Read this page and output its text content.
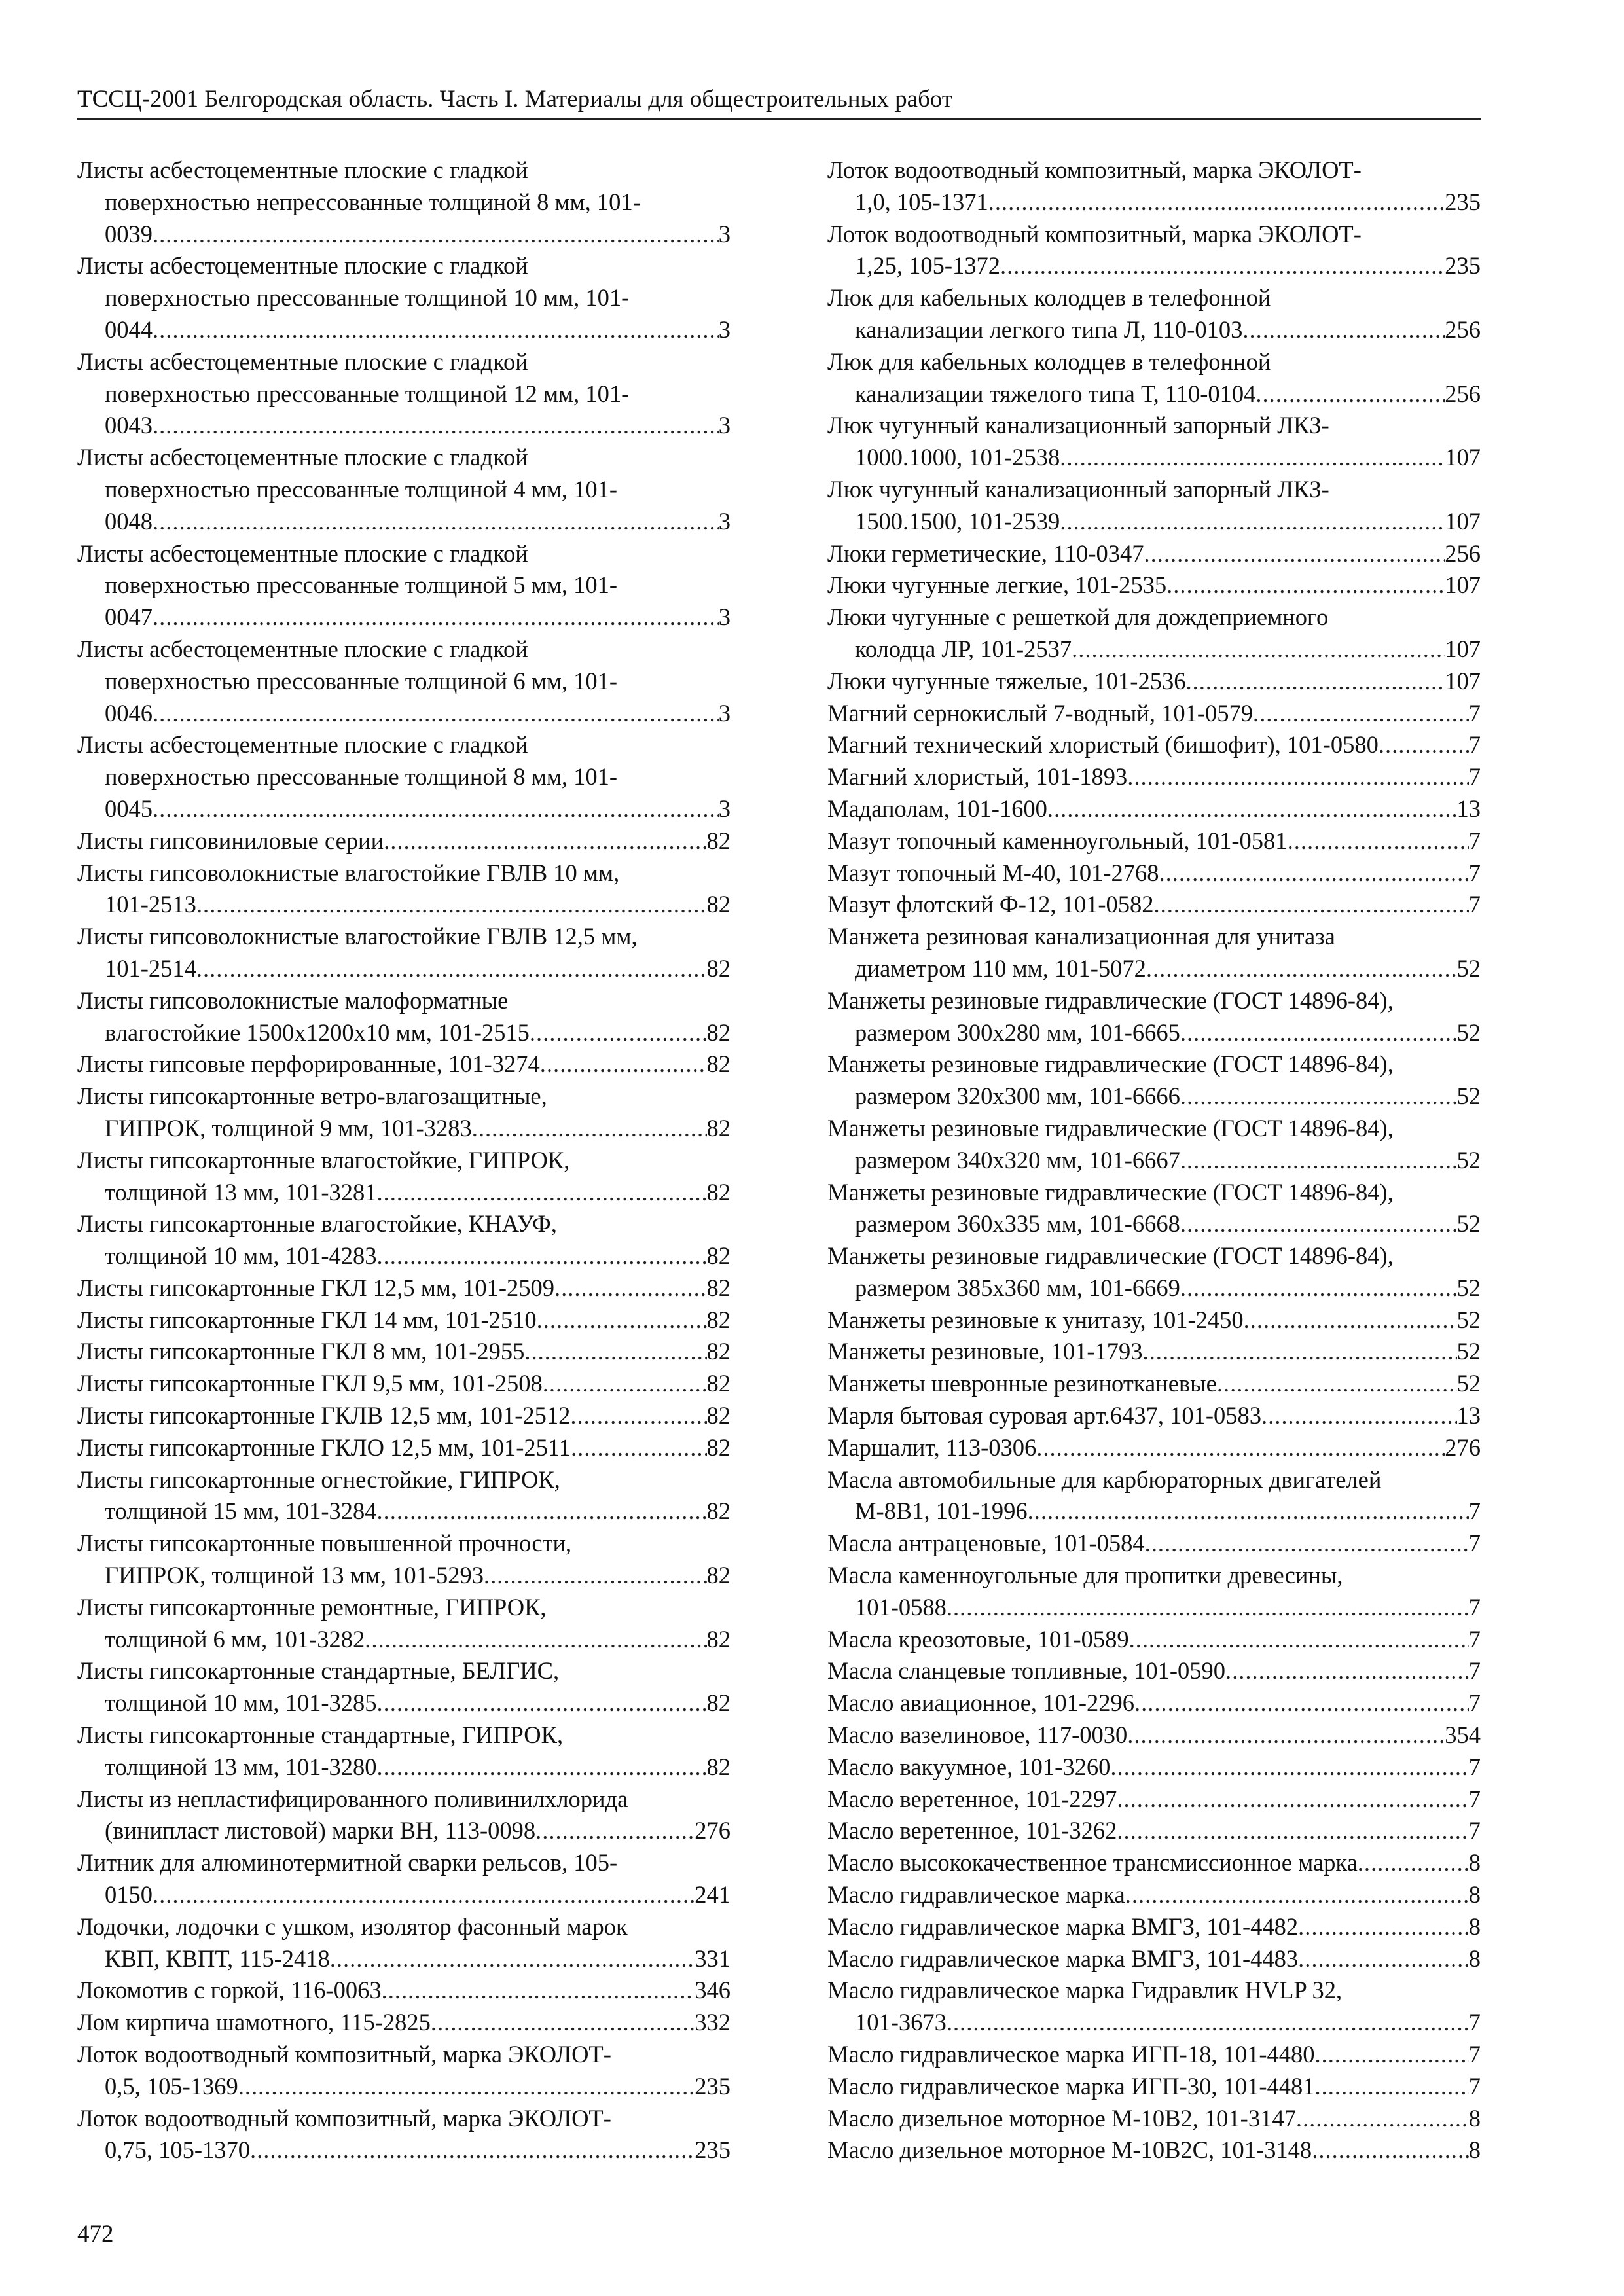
ТССЦ-2001 Белгородская область. Часть I. Материалы для общестроительных работ
Листы асбестоцементные плоские с гладкой
поверхностью непрессованные толщиной 8 мм, 101-
0039 .....	3
Листы асбестоцементные плоские с гладкой
поверхностью прессованные толщиной 10 мм, 101-
0044 .....	3
Листы асбестоцементные плоские с гладкой
поверхностью прессованные толщиной 12 мм, 101-
0043 .....	3
Листы асбестоцементные плоские с гладкой
поверхностью прессованные толщиной 4 мм, 101-
0048 .....	3
Листы асбестоцементные плоские с гладкой
поверхностью прессованные толщиной 5 мм, 101-
0047 .....	3
Листы асбестоцементные плоские с гладкой
поверхностью прессованные толщиной 6 мм, 101-
0046 .....	3
Листы асбестоцементные плоские с гладкой
поверхностью прессованные толщиной 8 мм, 101-
0045 .....	3
Листы гипсовиниловые серии .....	82
Листы гипсоволокнистые влагостойкие ГВЛВ 10 мм,
101-2513 .....	82
Листы гипсоволокнистые влагостойкие ГВЛВ 12,5 мм,
101-2514 .....	82
Листы гипсоволокнистые малоформатные
влагостойкие 1500х1200х10 мм, 101-2515 .....	82
Листы гипсовые перфорированные, 101-3274 .....	82
Листы гипсокартонные ветро-влагозащитные,
ГИПРОК, толщиной 9 мм, 101-3283 .....	82
Листы гипсокартонные влагостойкие, ГИПРОК,
толщиной 13 мм, 101-3281 .....	82
Листы гипсокартонные влагостойкие, КНАУФ,
толщиной 10 мм, 101-4283 .....	82
Листы гипсокартонные ГКЛ 12,5 мм, 101-2509 .....	82
Листы гипсокартонные ГКЛ 14 мм, 101-2510 .....	82
Листы гипсокартонные ГКЛ 8 мм, 101-2955 .....	82
Листы гипсокартонные ГКЛ 9,5 мм, 101-2508 .....	82
Листы гипсокартонные ГКЛВ 12,5 мм, 101-2512 .....	82
Листы гипсокартонные ГКЛО 12,5 мм, 101-2511 .....	82
Листы гипсокартонные огнестойкие, ГИПРОК,
толщиной 15 мм, 101-3284 .....	82
Листы гипсокартонные повышенной прочности,
ГИПРОК, толщиной 13 мм, 101-5293 .....	82
Листы гипсокартонные ремонтные, ГИПРОК,
толщиной 6 мм, 101-3282 .....	82
Листы гипсокартонные стандартные, БЕЛГИС,
толщиной 10 мм, 101-3285 .....	82
Листы гипсокартонные стандартные, ГИПРОК,
толщиной 13 мм, 101-3280 .....	82
Листы из непластифицированного поливинилхлорида
(винипласт листовой) марки ВН, 113-0098 .....	276
Литник для алюминотермитной сварки рельсов, 105-
0150 .....	241
Лодочки, лодочки с ушком, изолятор фасонный марок
КВП, КВПТ, 115-2418 .....	331
Локомотив с горкой, 116-0063 .....	346
Лом кирпича шамотного, 115-2825 .....	332
Лоток водоотводный композитный, марка ЭКОЛОТ-
0,5, 105-1369 .....	235
Лоток водоотводный композитный, марка ЭКОЛОТ-
0,75, 105-1370 .....	235
Лоток водоотводный композитный, марка ЭКОЛОТ-
1,0, 105-1371 .....	235
Лоток водоотводный композитный, марка ЭКОЛОТ-
1,25, 105-1372 .....	235
Люк для кабельных колодцев в телефонной
канализации легкого типа Л, 110-0103 .....	256
Люк для кабельных колодцев в телефонной
канализации тяжелого типа Т, 110-0104 .....	256
Люк чугунный канализационный запорный ЛКЗ-
1000.1000, 101-2538 .....	107
Люк чугунный канализационный запорный ЛКЗ-
1500.1500, 101-2539 .....	107
Люки герметические, 110-0347 .....	256
Люки чугунные легкие, 101-2535 .....	107
Люки чугунные с решеткой для дождеприемного
колодца ЛР, 101-2537 .....	107
Люки чугунные тяжелые, 101-2536 .....	107
Магний сернокислый 7-водный, 101-0579 .....	7
Магний технический хлористый (бишофит), 101-0580 .....	7
Магний хлористый, 101-1893 .....	7
Мадаполам, 101-1600 .....	13
Мазут топочный каменноугольный, 101-0581 .....	7
Мазут топочный М-40, 101-2768 .....	7
Мазут флотский Ф-12, 101-0582 .....	7
Манжета резиновая канализационная для унитаза
диаметром 110 мм, 101-5072 .....	52
Манжеты резиновые гидравлические (ГОСТ 14896-84),
размером 300х280 мм, 101-6665 .....	52
Манжеты резиновые гидравлические (ГОСТ 14896-84),
размером 320х300 мм, 101-6666 .....	52
Манжеты резиновые гидравлические (ГОСТ 14896-84),
размером 340х320 мм, 101-6667 .....	52
Манжеты резиновые гидравлические (ГОСТ 14896-84),
размером 360х335 мм, 101-6668 .....	52
Манжеты резиновые гидравлические (ГОСТ 14896-84),
размером 385х360 мм, 101-6669 .....	52
Манжеты резиновые к унитазу, 101-2450 .....	52
Манжеты резиновые, 101-1793 .....	52
Манжеты шевронные резинотканевые .....	52
Марля бытовая суровая арт.6437, 101-0583 .....	13
Маршалит, 113-0306 .....	276
Масла автомобильные для карбюраторных двигателей
М-8В1, 101-1996 .....	7
Масла антраценовые, 101-0584 .....	7
Масла каменноугольные для пропитки древесины,
101-0588 .....	7
Масла креозотовые, 101-0589 .....	7
Масла сланцевые топливные, 101-0590 .....	7
Масло авиационное, 101-2296 .....	7
Масло вазелиновое, 117-0030 .....	354
Масло вакуумное, 101-3260 .....	7
Масло веретенное, 101-2297 .....	7
Масло веретенное, 101-3262 .....	7
Масло высококачественное трансмиссионное марка .....	8
Масло гидравлическое марка .....	8
Масло гидравлическое марка ВМГЗ, 101-4482 .....	8
Масло гидравлическое марка ВМГЗ, 101-4483 .....	8
Масло гидравлическое марка Гидравлик HVLP 32,
101-3673 .....	7
Масло гидравлическое марка ИГП-18, 101-4480 .....	7
Масло гидравлическое марка ИГП-30, 101-4481 .....	7
Масло дизельное моторное М-10В2, 101-3147 .....	8
Масло дизельное моторное М-10В2С, 101-3148 .....	8
472
